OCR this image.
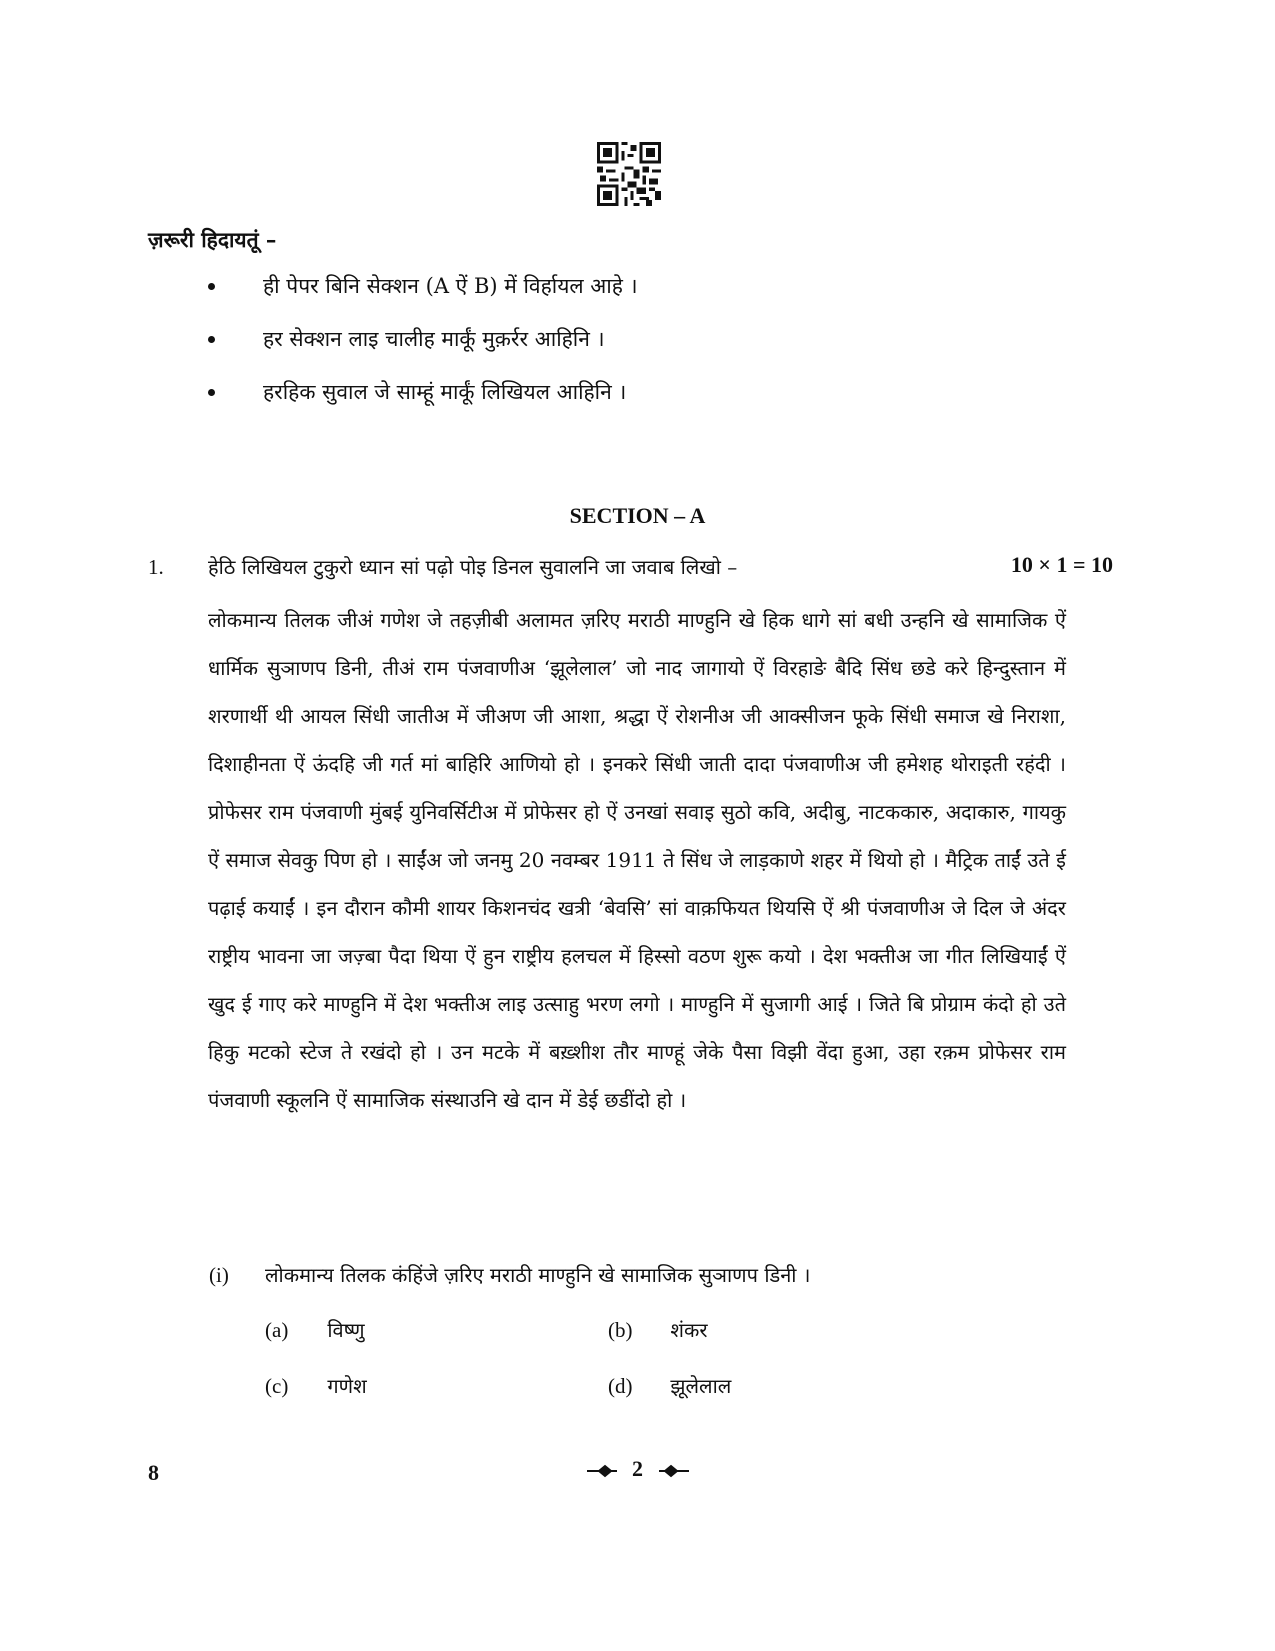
ज़रूरी हिदायतूं –
ही पेपर बिनि सेक्शन (A ऐं B) में विर्हायल आहे ।
हर सेक्शन लाइ चालीह मार्कूं मुक़र्रर आहिनि ।
हरहिक सुवाल जे साम्हूं मार्कूं लिखियल आहिनि ।
SECTION – A
1. हेठि लिखियल टुकुरो ध्यान सां पढ़ो पोइ डिनल सुवालनि जा जवाब लिखो –	10 × 1 = 10
लोकमान्य तिलक जीअं गणेश जे तहज़ीबी अलामत ज़रिए मराठी माण्हुनि खे हिक धागे सां बधी उन्हनि खे सामाजिक ऐं धार्मिक सुञाणप डिनी, तीअं राम पंजवाणीअ ‘झूलेलाल’ जो नाद जागायो ऐं विरहाङे बैदि सिंध छडे करे हिन्दुस्तान में शरणार्थी थी आयल सिंधी जातीअ में जीअण जी आशा, श्रद्धा ऐं रोशनीअ जी आक्सीजन फूके सिंधी समाज खे निराशा, दिशाहीनता ऐं ऊंदहि जी गर्त मां बाहिरि आणियो हो । इनकरे सिंधी जाती दादा पंजवाणीअ जी हमेशह थोराइती रहंदी । प्रोफेसर राम पंजवाणी मुंबई युनिवर्सिटीअ में प्रोफेसर हो ऐं उनखां सवाइ सुठो कवि, अदीबु, नाटककारु, अदाकारु, गायकु ऐं समाज सेवकु पिण हो । साईंअ जो जनमु 20 नवम्बर 1911 ते सिंध जे लाड़काणे शहर में थियो हो । मैट्रिक ताईं उते ई पढ़ाई कयाईं । इन दौरान कौमी शायर किशनचंद खत्री ‘बेवसि’ सां वाक़फियत थियसि ऐं श्री पंजवाणीअ जे दिल जे अंदर राष्ट्रीय भावना जा जज़्बा पैदा थिया ऐं हुन राष्ट्रीय हलचल में हिस्सो वठण शुरू कयो । देश भक्तीअ जा गीत लिखियाईं ऐं खुद ई गाए करे माण्हुनि में देश भक्तीअ लाइ उत्साहु भरण लगो । माण्हुनि में सुजागी आई । जिते बि प्रोग्राम कंदो हो उते हिकु मटको स्टेज ते रखंदो हो । उन मटके में बख़्शीश तौर माण्हूं जेके पैसा विझी वेंदा हुआ, उहा रक़म प्रोफेसर राम पंजवाणी स्कूलनि ऐं सामाजिक संस्थाउनि खे दान में डेई छडींदो हो ।
(i) लोकमान्य तिलक कंहिंजे ज़रिए मराठी माण्हुनि खे सामाजिक सुञाणप डिनी ।
(a) विष्णु	(b) शंकर
(c) गणेश	(d) झूलेलाल
8	2
